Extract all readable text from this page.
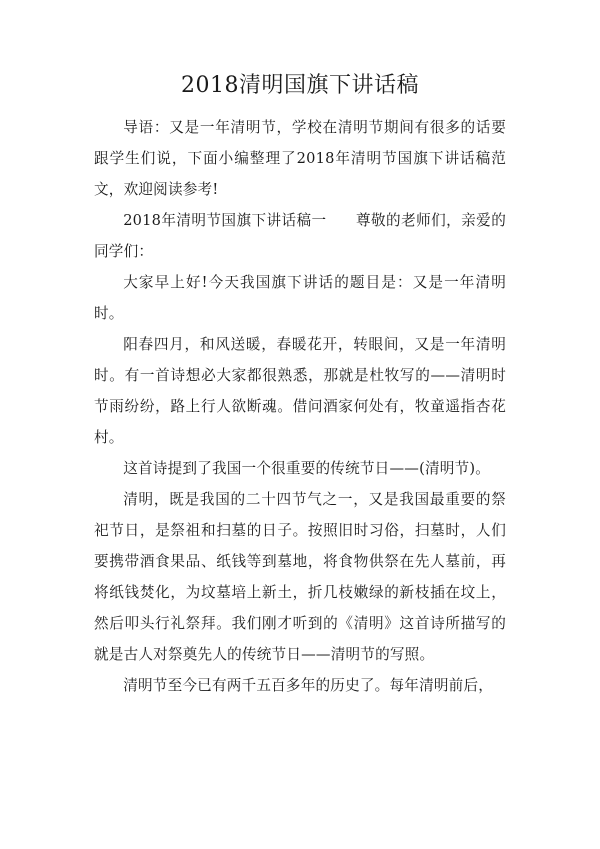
2018清明国旗下讲话稿

导语：又是一年清明节，学校在清明节期间有很多的话要跟学生们说，下面小编整理了2018年清明节国旗下讲话稿范文，欢迎阅读参考!

2018年清明节国旗下讲话稿一 尊敬的老师们，亲爱的同学们：

大家早上好!今天我国旗下讲话的题目是：又是一年清明时。

阳春四月，和风送暖，春暖花开，转眼间，又是一年清明时。有一首诗想必大家都很熟悉，那就是杜牧写的——清明时节雨纷纷，路上行人欲断魂。借问酒家何处有，牧童遥指杏花村。

这首诗提到了我国一个很重要的传统节日——(清明节)。

清明，既是我国的二十四节气之一，又是我国最重要的祭祀节日，是祭祖和扫墓的日子。按照旧时习俗，扫墓时，人们要携带酒食果品、纸钱等到墓地，将食物供祭在先人墓前，再将纸钱焚化，为坟墓培上新土，折几枝嫩绿的新枝插在坟上，然后叩头行礼祭拜。我们刚才听到的《清明》这首诗所描写的就是古人对祭奠先人的传统节日——清明节的写照。

清明节至今已有两千五百多年的历史了。每年清明前后，
